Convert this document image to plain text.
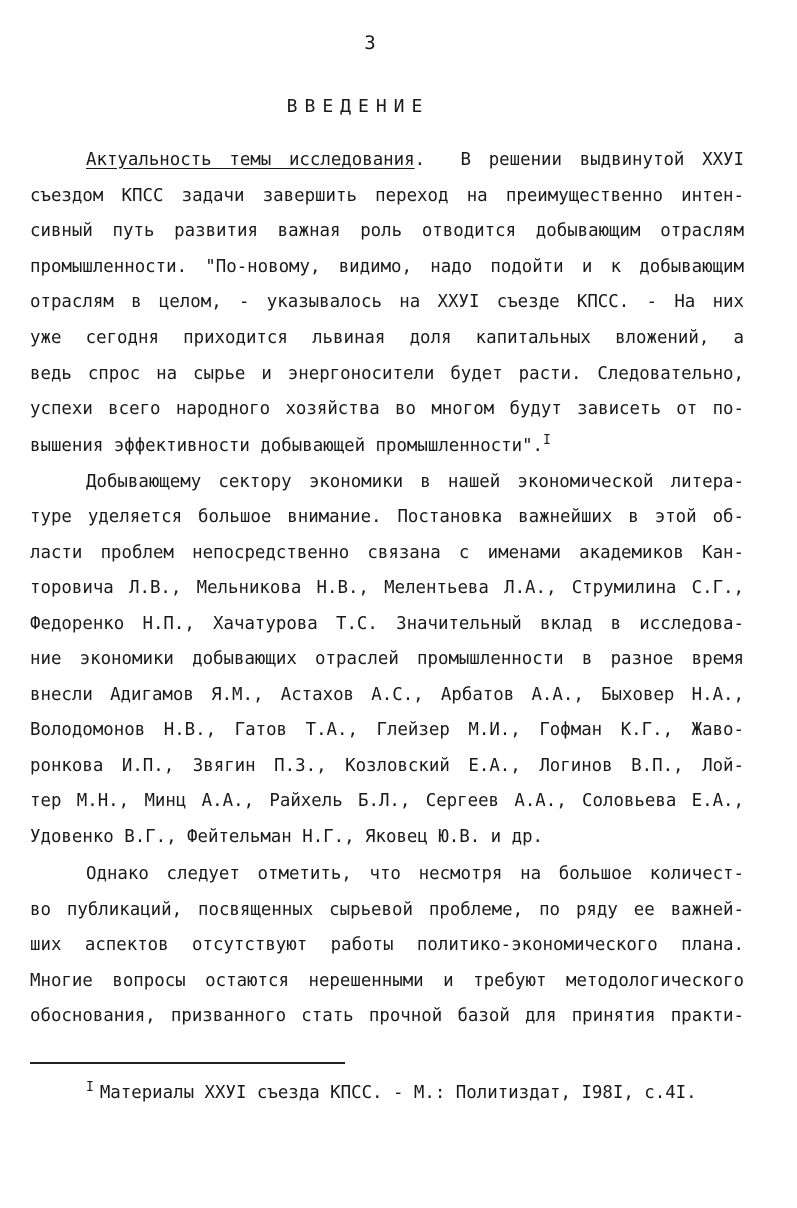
3
ВВЕДЕНИЕ
Актуальность темы исследования. В решении выдвинутой ХХУI
съездом КПСС задачи завершить переход на преимущественно интен-
сивный путь развития важная роль отводится добывающим отраслям
промышленности. "По-новому, видимо, надо подойти и к добывающим
отраслям в целом, - указывалось на ХХУI съезде КПСС. - На них
уже сегодня приходится львиная доля капитальных вложений, а
ведь спрос на сырье и энергоносители будет расти. Следовательно,
успехи всего народного хозяйства во многом будут зависеть от по-
вышения эффективности добывающей промышленности".$^I$
Добывающему сектору экономики в нашей экономической литера-
туре уделяется большое внимание. Постановка важнейших в этой об-
ласти проблем непосредственно связана с именами академиков Кан-
торовича Л.В., Мельникова Н.В., Мелентьева Л.А., Струмилина С.Г.,
Федоренко Н.П., Хачатурова Т.С. Значительный вклад в исследова-
ние экономики добывающих отраслей промышленности в разное время
внесли Адигамов Я.М., Астахов А.С., Арбатов А.А., Быховер Н.А.,
Володомонов Н.В., Гатов Т.А., Глейзер М.И., Гофман К.Г., Жаво-
ронкова И.П., Звягин П.З., Козловский Е.А., Логинов В.П., Лой-
тер М.Н., Минц А.А., Райхель Б.Л., Сергеев А.А., Соловьева Е.А.,
Удовенко В.Г., Фейтельман Н.Г., Яковец Ю.В. и др.
Однако следует отметить, что несмотря на большое количест-
во публикаций, посвященных сырьевой проблеме, по ряду ее важней-
ших аспектов отсутствуют работы политико-экономического плана.
Многие вопросы остаются нерешенными и требуют методологического
обоснования, призванного стать прочной базой для принятия практи-
$^I$ Материалы ХХУI съезда КПСС. - М.: Политиздат, I98I, с.4I.
